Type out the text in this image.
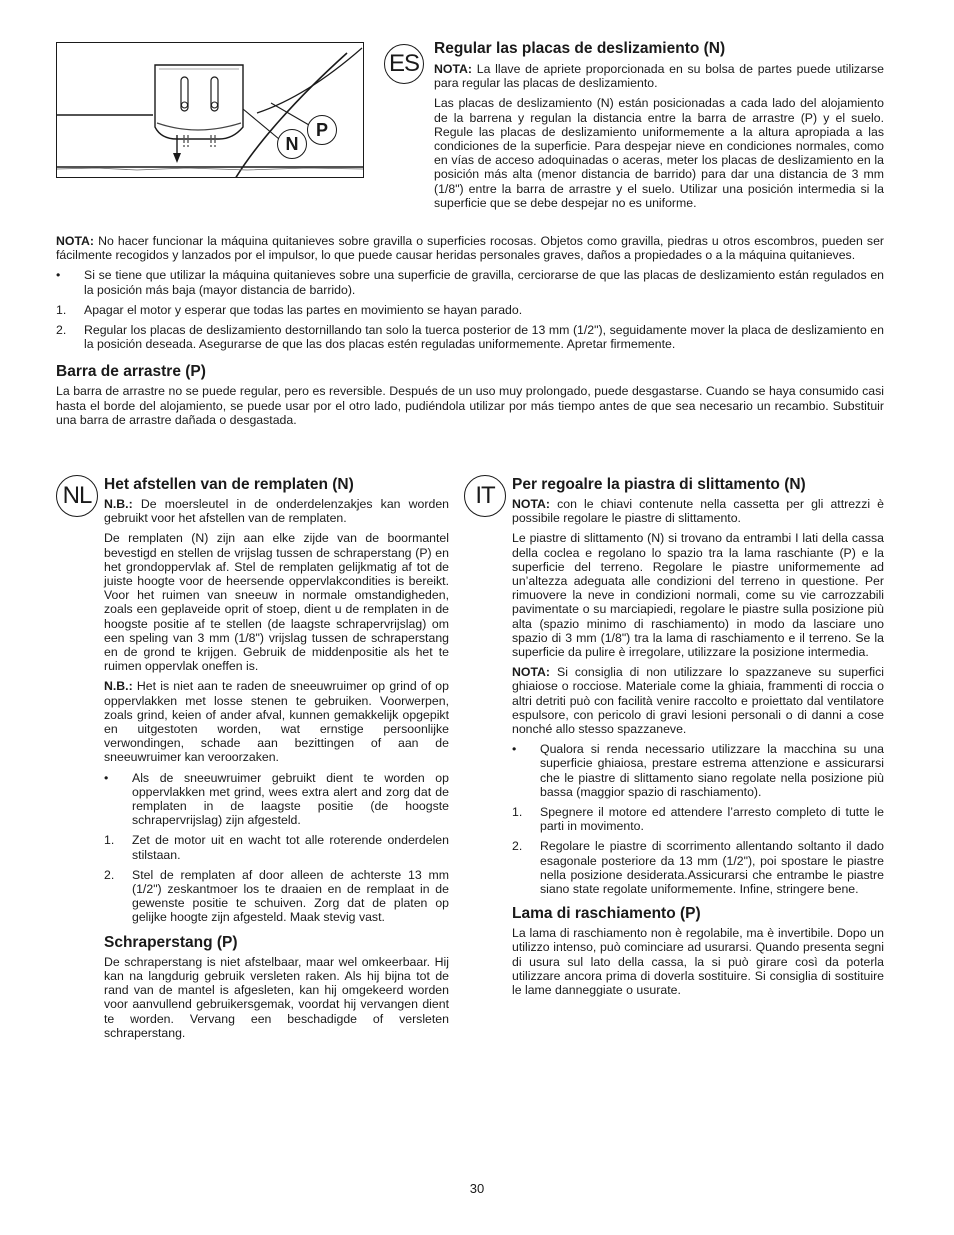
N
P
ES
Regular las placas de deslizamiento (N)

NOTA: La llave de apriete proporcionada en su bolsa de partes puede utilizarse para regular las placas de deslizamiento.

Las placas de deslizamiento (N) están posicionadas a cada lado del alojamiento de la barrena y regulan la distancia entre la barra de arrastre (P) y el suelo. Regule las placas de deslizamiento uniformemente a la altura apropiada a las condiciones de la superficie. Para despejar nieve en condiciones normales, como en vías de acceso adoquinadas o aceras, meter los placas de deslizamiento en la posición más alta (menor distancia de barrido) para dar una distancia de 3 mm (1/8") entre la barra de arrastre y el suelo. Utilizar una posición intermedia si la superficie que se debe despejar no es uniforme.

NOTA: No hacer funcionar la máquina quitanieves sobre gravilla o superficies rocosas. Objetos como gravilla, piedras u otros escombros, pueden ser fácilmente recogidos y lanzados por el impulsor, lo que puede causar heridas personales graves, daños a propiedades o a la máquina quitanieves.

• Si se tiene que utilizar la máquina quitanieves sobre una superficie de gravilla, cerciorarse de que las placas de deslizamiento están regulados en la posición más baja (mayor distancia de barrido).
1. Apagar el motor y esperar que todas las partes en movimiento se hayan parado.
2. Regular los placas de deslizamiento destornillando tan solo la tuerca posterior de 13 mm (1/2"), seguidamente mover la placa de deslizamiento en la posición deseada. Asegurarse de que las dos placas estén reguladas uniformemente. Apretar firmemente.
Barra de arrastre (P)

La barra de arrastre no se puede regular, pero es reversible. Después de un uso muy prolongado, puede desgastarse. Cuando se haya consumido casi hasta el borde del alojamiento, se puede usar por el otro lado, pudiéndola utilizar por más tiempo antes de que sea necesario un recambio. Substituir una barra de arrastre dañada o desgastada.

NL Het afstellen van de remplaten (N)

N.B.: De moersleutel in de onderdelenzakjes kan worden gebruikt voor het afstellen van de remplaten.

De remplaten (N) zijn aan elke zijde van de boormantel bevestigd en stellen de vrijslag tussen de schraperstang (P) en het grondoppervlak af. Stel de remplaten gelijkmatig af tot de juiste hoogte voor de heersende oppervlakcondities is bereikt. Voor het ruimen van sneeuw in normale omstandigheden, zoals een geplaveide oprit of stoep, dient u de remplaten in de hoogste positie af te stellen (de laagste schrapervrijslag) om een speling van 3 mm (1/8") vrijslag tussen de schraperstang en de grond te krijgen. Gebruik de middenpositie als het te ruimen oppervlak oneffen is.

N.B.: Het is niet aan te raden de sneeuwruimer op grind of op oppervlakken met losse stenen te gebruiken. Voorwerpen, zoals grind, keien of ander afval, kunnen gemakkelijk opgepikt en uitgestoten worden, wat ernstige persoonlijke verwondingen, schade aan bezittingen of aan de sneeuwruimer kan veroorzaken.

• Als de sneeuwruimer gebruikt dient te worden op oppervlakken met grind, wees extra alert and zorg dat de remplaten in de laagste positie (de hoogste schrapervrijslag) zijn afgesteld.
1. Zet de motor uit en wacht tot alle roterende onderdelen stilstaan.
2. Stel de remplaten af door alleen de achterste 13 mm (1/2") zeskantmoer los te draaien en de remplaat in de gewenste positie te schuiven. Zorg dat de platen op gelijke hoogte zijn afgesteld. Maak stevig vast.
Schraperstang (P)

De schraperstang is niet afstelbaar, maar wel omkeerbaar. Hij kan na langdurig gebruik versleten raken. Als hij bijna tot de rand van de mantel is afgesleten, kan hij omgekeerd worden voor aanvullend gebruikersgemak, voordat hij vervangen dient te worden. Vervang een beschadigde of versleten schraperstang.

IT Per regoalre la piastra di slittamento (N)

NOTA: con le chiavi contenute nella cassetta per gli attrezzi è possibile regolare le piastre di slittamento.

Le piastre di slittamento (N) si trovano da entrambi I lati della cassa della coclea e regolano lo spazio tra la lama raschiante (P) e la superficie del terreno. Regolare le piastre uniformemente ad un’altezza adeguata alle condizioni del terreno in questione. Per rimuovere la neve in condizioni normali, come su vie carrozzabili pavimentate o su marciapiedi, regolare le piastre sulla posizione più alta (spazio minimo di raschiamento) in modo da lasciare uno spazio di 3 mm (1/8") tra la lama di raschiamento e il terreno. Se la superficie da pulire è irregolare, utilizzare la posizione intermedia.

NOTA: Si consiglia di non utilizzare lo spazzaneve su superfici ghiaiose o rocciose. Materiale come la ghiaia, frammenti di roccia o altri detriti può con facilità venire raccolto e proiettato dal ventilatore espulsore, con pericolo di gravi lesioni personali o di danni a cose nonché allo stesso spazzaneve.

• Qualora si renda necessario utilizzare la macchina su una superficie ghiaiosa, prestare estrema attenzione e assicurarsi che le piastre di slittamento siano regolate nella posizione più bassa (maggior spazio di raschiamento).
1. Spegnere il motore ed attendere l’arresto completo di tutte le parti in movimento.
2. Regolare le piastre di scorrimento allentando soltanto il dado esagonale posteriore da 13 mm (1/2"), poi spostare le piastre nella posizione desiderata.Assicurarsi che entrambe le piastre siano state regolate uniformemente. Infine, stringere bene.
Lama di raschiamento (P)

La lama di raschiamento non è regolabile, ma è invertibile. Dopo un utilizzo intenso, può cominciare ad usurarsi. Quando presenta segni di usura sul lato della cassa, la si può girare così da poterla utilizzare ancora prima di doverla sostituire. Si consiglia di sostituire le lame danneggiate o usurate.

30
